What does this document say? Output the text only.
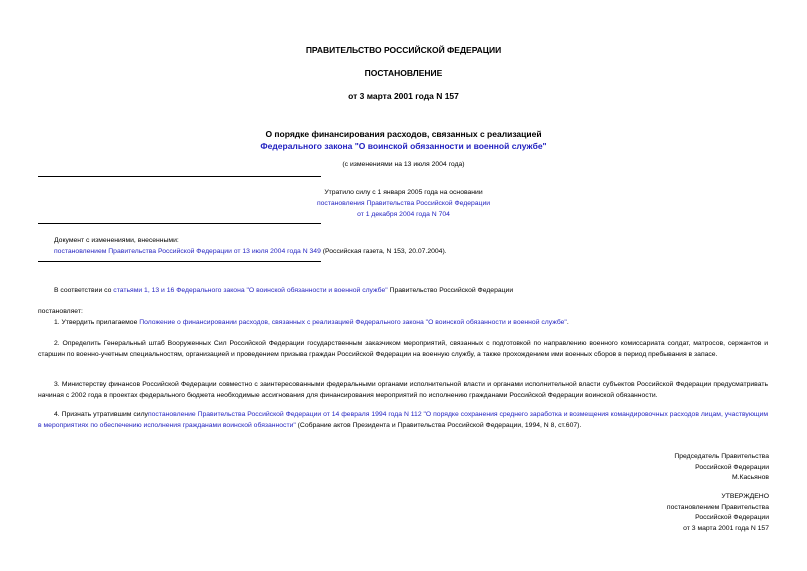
ПРАВИТЕЛЬСТВО РОССИЙСКОЙ ФЕДЕРАЦИИ
ПОСТАНОВЛЕНИЕ
от 3 марта 2001 года N 157
О порядке финансирования расходов, связанных с реализацией
Федерального закона "О воинской обязанности и военной службе"
(с изменениями на 13 июля 2004 года)
Утратило силу с 1 января 2005 года на основании
постановления Правительства Российской Федерации
от 1 декабря 2004 года N 704
Документ с изменениями, внесенными:
постановлением Правительства Российской Федерации от 13 июля 2004 года N 349 (Российская газета, N 153, 20.07.2004).
В соответствии со статьями 1, 13 и 16 Федерального закона "О воинской обязанности и военной службе" Правительство Российской Федерации
постановляет:
1. Утвердить прилагаемое Положение о финансировании расходов, связанных с реализацией Федерального закона "О воинской обязанности и военной службе".
2. Определить Генеральный штаб Вооруженных Сил Российской Федерации государственным заказчиком мероприятий, связанных с подготовкой по направлению военного комиссариата солдат, матросов, сержантов и старшин по военно-учетным специальностям, организацией и проведением призыва граждан Российской Федерации на военную службу, а также прохождением ими военных сборов в период пребывания в запасе.
3. Министерству финансов Российской Федерации совместно с заинтересованными федеральными органами исполнительной власти и органами исполнительной власти субъектов Российской Федерации предусматривать начиная с 2002 года в проектах федерального бюджета необходимые ассигнования для финансирования мероприятий по исполнению гражданами Российской Федерации воинской обязанности.
4. Признать утратившим силупостановление Правительства Российской Федерации от 14 февраля 1994 года N 112 "О порядке сохранения среднего заработка и возмещения командировочных расходов лицам, участвующим в мероприятиях по обеспечению исполнения гражданами воинской обязанности" (Собрание актов Президента и Правительства Российской Федерации, 1994, N 8, ст.607).
Председатель Правительства
Российской Федерации
М.Касьянов
УТВЕРЖДЕНО
постановлением Правительства
Российской Федерации
от 3 марта 2001 года N 157
